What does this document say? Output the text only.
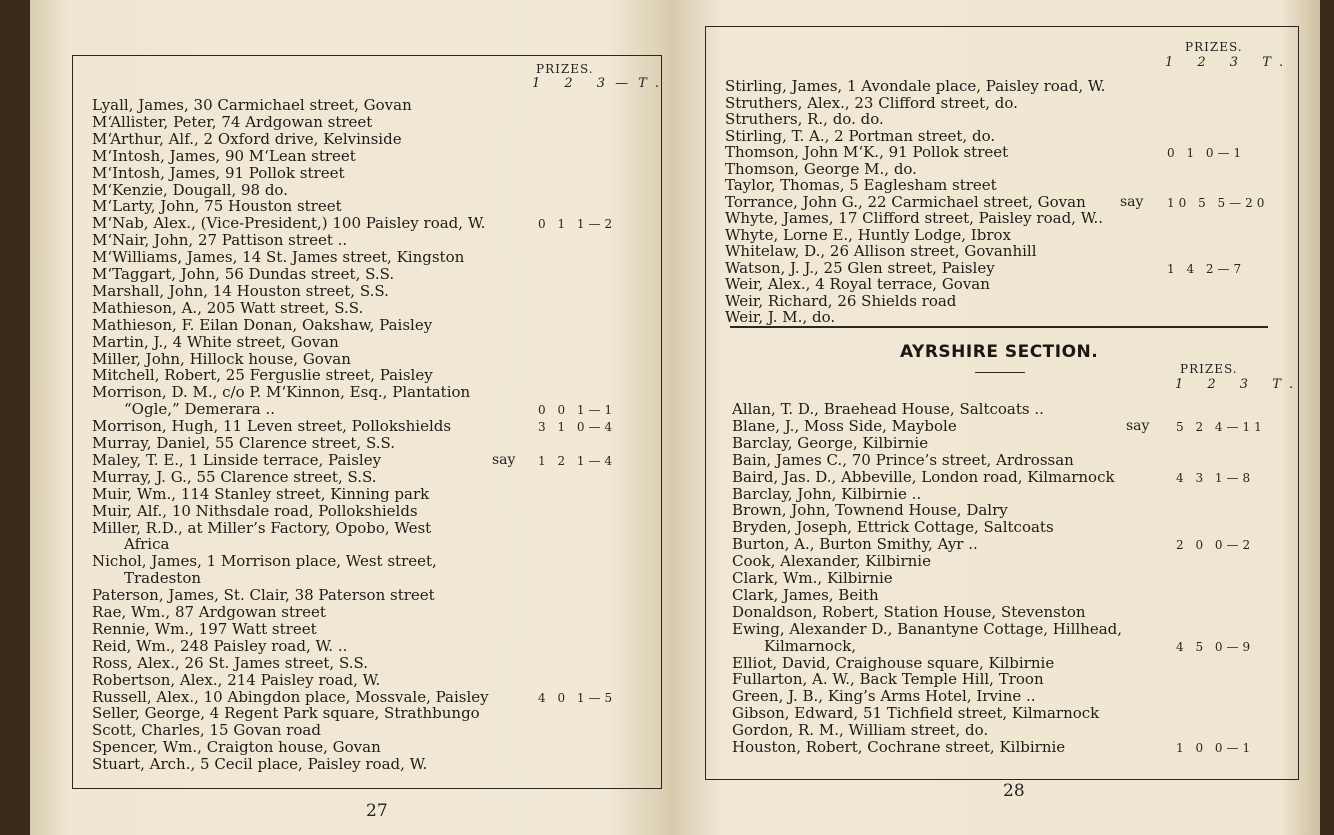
PRIZES.
1 2 3—T.
Lyall, James, 30 Carmichael street, Govan
M‘Allister, Peter, 74 Ardgowan street
M‘Arthur, Alf., 2 Oxford drive, Kelvinside
M‘Intosh, James, 90 M‘Lean street
M‘Intosh, James, 91 Pollok street
M‘Kenzie, Dougall, 98 do.
M‘Larty, John, 75 Houston street
M‘Nab, Alex., (Vice-President,) 100 Paisley road, W.	0 1 1—2
M‘Nair, John, 27 Pattison street ..
M‘Williams, James, 14 St. James street, Kingston
M‘Taggart, John, 56 Dundas street, S.S.
Marshall, John, 14 Houston street, S.S.
Mathieson, A., 205 Watt street, S.S.
Mathieson, F. Eilan Donan, Oakshaw, Paisley
Martin, J., 4 White street, Govan
Miller, John, Hillock house, Govan
Mitchell, Robert, 25 Ferguslie street, Paisley
Morrison, D. M., c/o P. M‘Kinnon, Esq., Plantation
“Ogle,” Demerara ..	0 0 1—1
Morrison, Hugh, 11 Leven street, Pollokshields	3 1 0—4
Murray, Daniel, 55 Clarence street, S.S.
Maley, T. E., 1 Linside terrace, Paisley	say 1 2 1—4
Murray, J. G., 55 Clarence street, S.S.
Muir, Wm., 114 Stanley street, Kinning park
Muir, Alf., 10 Nithsdale road, Pollokshields
Miller, R.D., at Miller’s Factory, Opobo, West
Africa
Nichol, James, 1 Morrison place, West street,
Tradeston
Paterson, James, St. Clair, 38 Paterson street
Rae, Wm., 87 Ardgowan street
Rennie, Wm., 197 Watt street
Reid, Wm., 248 Paisley road, W. ..
Ross, Alex., 26 St. James street, S.S.
Robertson, Alex., 214 Paisley road, W.
Russell, Alex., 10 Abingdon place, Mossvale, Paisley	4 0 1—5
Seller, George, 4 Regent Park square, Strathbungo
Scott, Charles, 15 Govan road
Spencer, Wm., Craigton house, Govan
Stuart, Arch., 5 Cecil place, Paisley road, W.
27
PRIZES.
1 2 3 T.
Stirling, James, 1 Avondale place, Paisley road, W.
Struthers, Alex., 23 Clifford street, do.
Struthers, R., do. do.
Stirling, T. A., 2 Portman street, do.
Thomson, John M‘K., 91 Pollok street	0 1 0—1
Thomson, George M., do.
Taylor, Thomas, 5 Eaglesham street
Torrance, John G., 22 Carmichael street, Govan say 10 5 5—20
Whyte, James, 17 Clifford street, Paisley road, W..
Whyte, Lorne E., Huntly Lodge, Ibrox
Whitelaw, D., 26 Allison street, Govanhill
Watson, J. J., 25 Glen street, Paisley	1 4 2—7
Weir, Alex., 4 Royal terrace, Govan
Weir, Richard, 26 Shields road
Weir, J. M., do.
AYRSHIRE SECTION.
PRIZES.
1 2 3 T.
Allan, T. D., Braehead House, Saltcoats ..
Blane, J., Moss Side, Maybole	say 5 2 4—11
Barclay, George, Kilbirnie
Bain, James C., 70 Prince’s street, Ardrossan
Baird, Jas. D., Abbeville, London road, Kilmarnock	4 3 1—8
Barclay, John, Kilbirnie ..
Brown, John, Townend House, Dalry
Bryden, Joseph, Ettrick Cottage, Saltcoats
Burton, A., Burton Smithy, Ayr ..	2 0 0—2
Cook, Alexander, Kilbirnie
Clark, Wm., Kilbirnie
Clark, James, Beith
Donaldson, Robert, Station House, Stevenston
Ewing, Alexander D., Banantyne Cottage, Hillhead,
Kilmarnock,	4 5 0—9
Elliot, David, Craighouse square, Kilbirnie
Fullarton, A. W., Back Temple Hill, Troon
Green, J. B., King’s Arms Hotel, Irvine ..
Gibson, Edward, 51 Tichfield street, Kilmarnock
Gordon, R. M., William street, do.
Houston, Robert, Cochrane street, Kilbirnie	1 0 0—1
28
